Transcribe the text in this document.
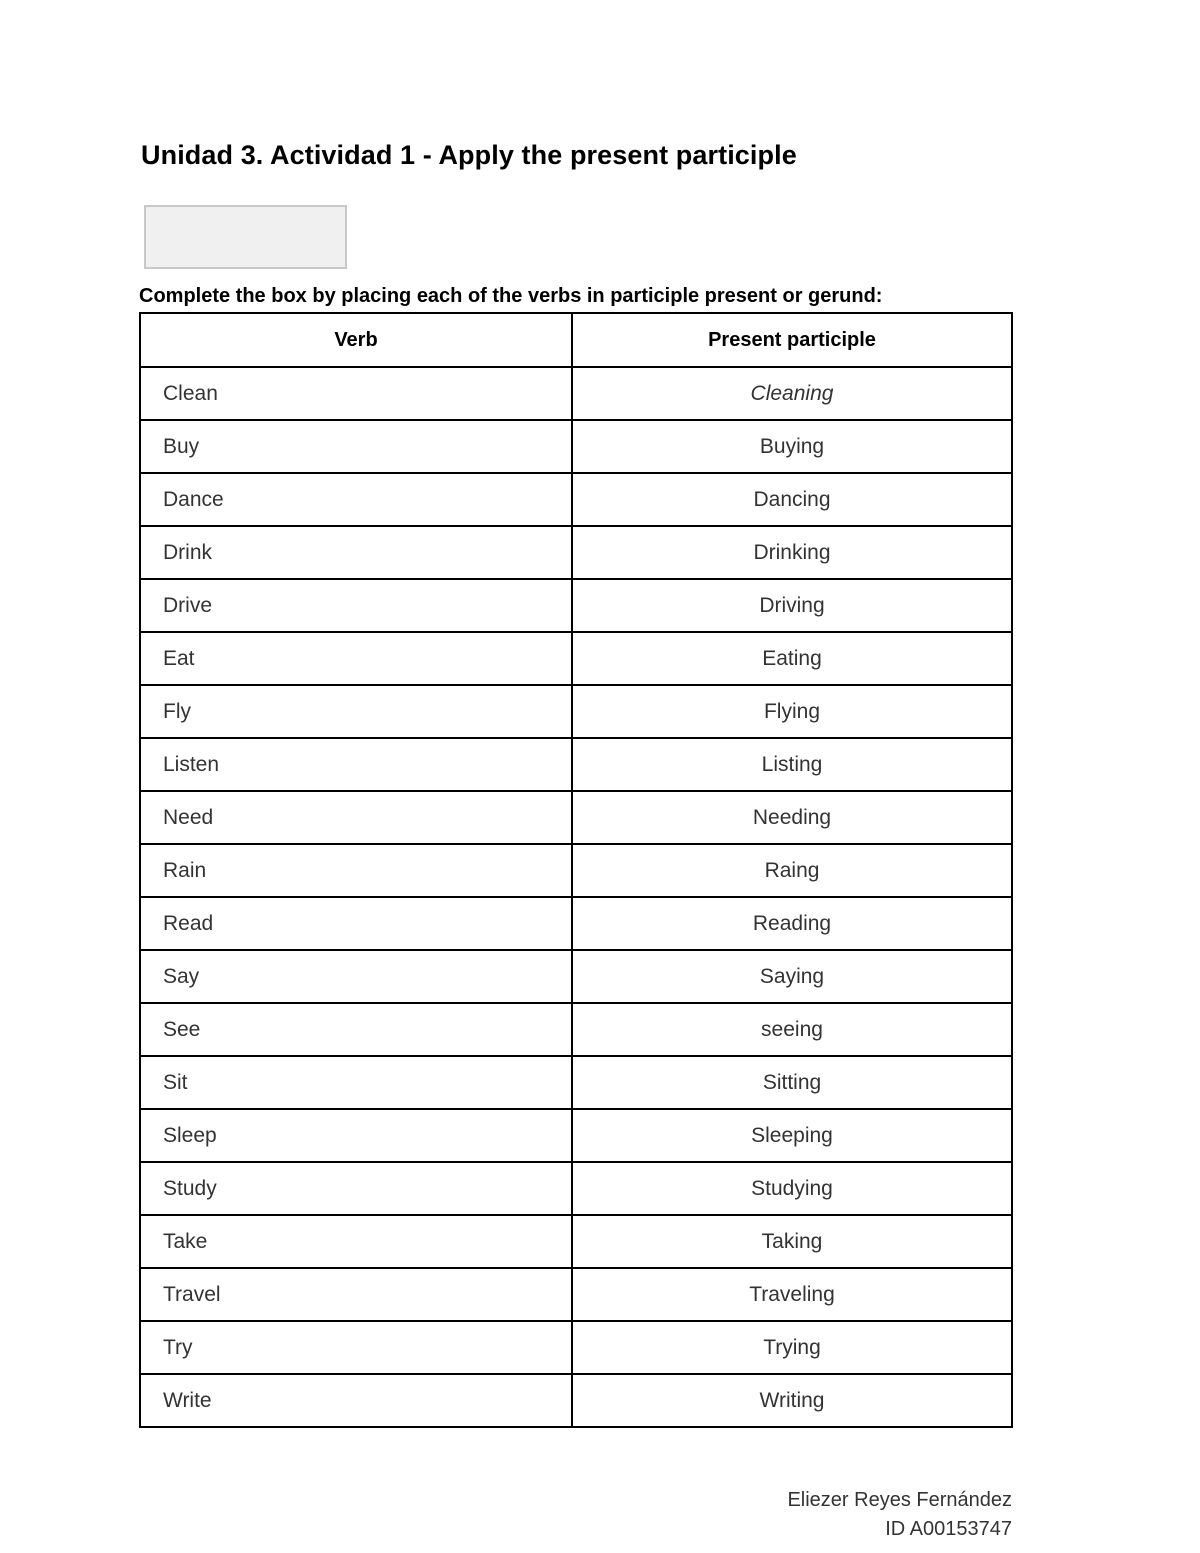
Unidad 3. Actividad 1 - Apply the present participle
Complete the box by placing each of the verbs in participle present or gerund:
Verb	Present participle
Clean	Cleaning
Buy	Buying
Dance	Dancing
Drink	Drinking
Drive	Driving
Eat	Eating
Fly	Flying
Listen	Listing
Need	Needing
Rain	Raing
Read	Reading
Say	Saying
See	seeing
Sit	Sitting
Sleep	Sleeping
Study	Studying
Take	Taking
Travel	Traveling
Try	Trying
Write	Writing
Eliezer Reyes Fernández
ID A00153747
